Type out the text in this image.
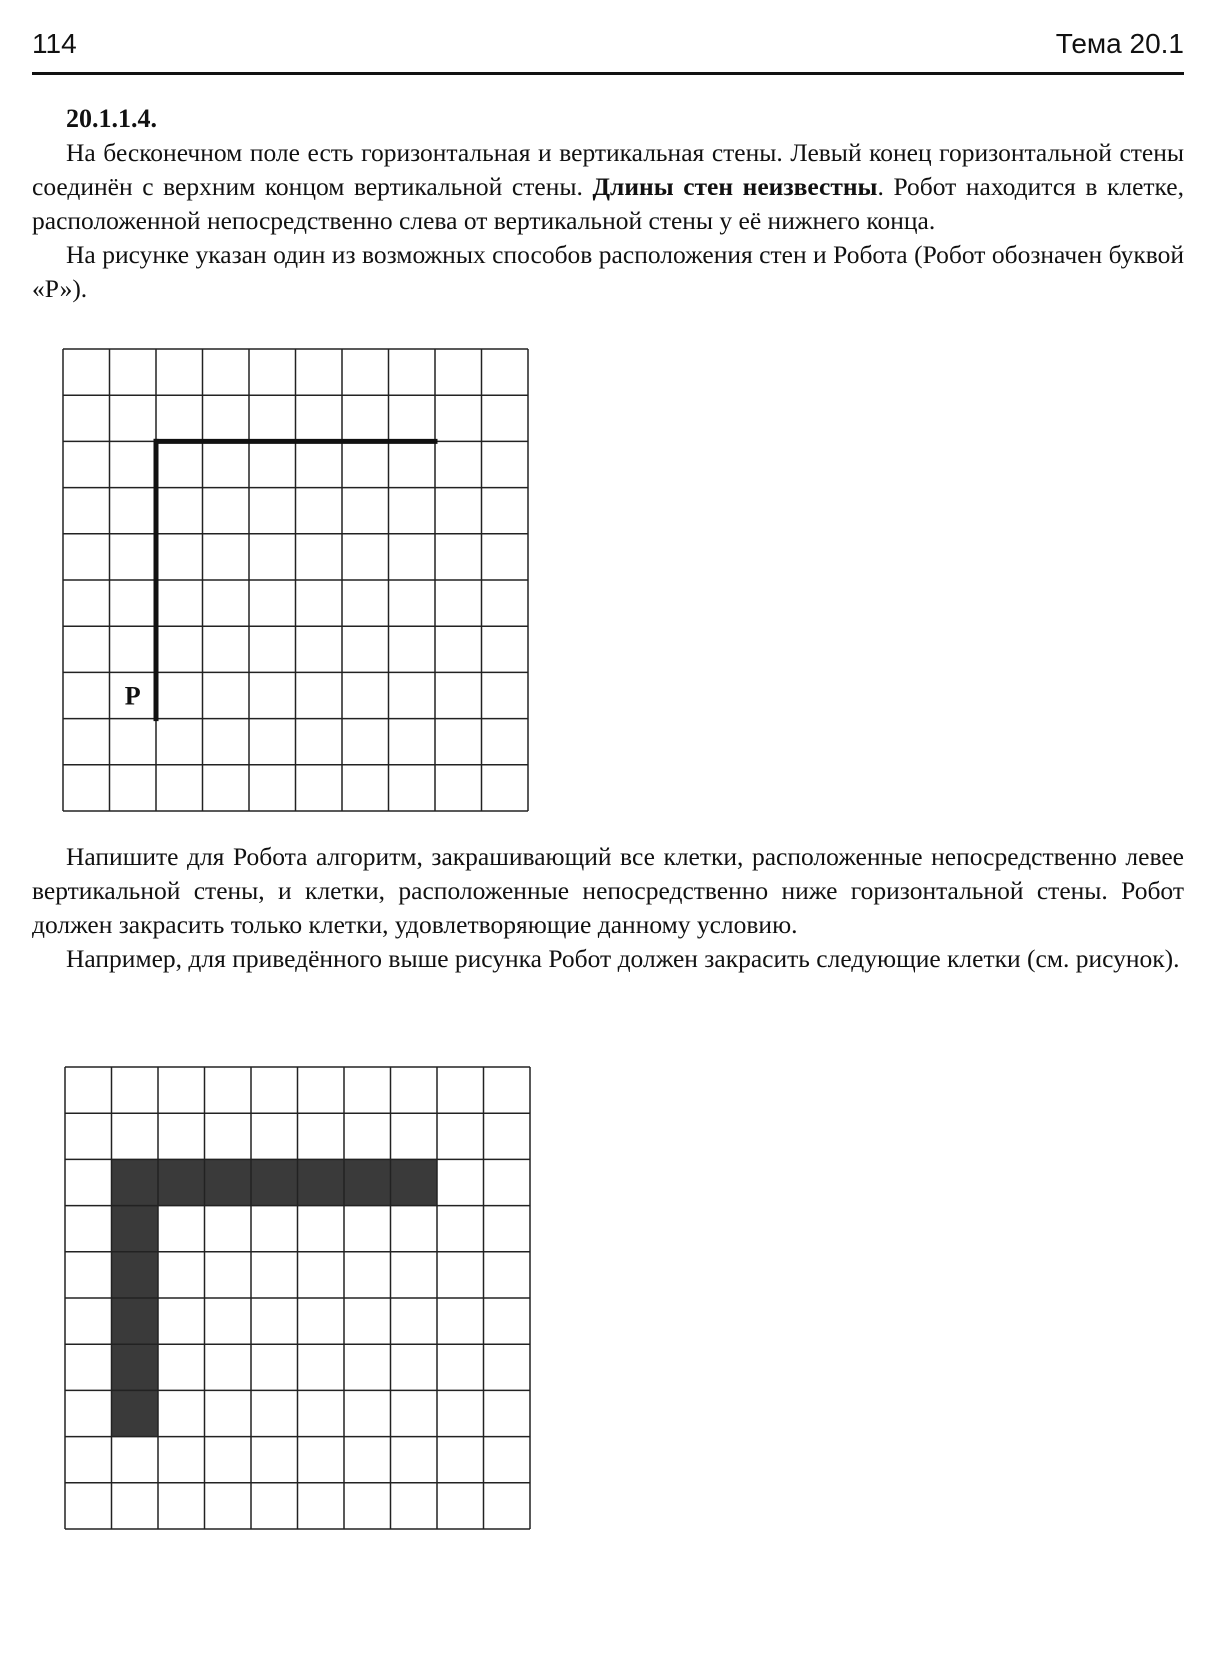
114	Тема 20.1
20.1.1.4.

На бесконечном поле есть горизонтальная и вертикальная стены. Левый конец горизонтальной стены соединён с верхним концом вертикальной стены. Длины стен неизвестны. Робот находится в клетке, расположенной непосредственно слева от вертикальной стены у её нижнего конца.

На рисунке указан один из возможных способов расположения стен и Робота (Робот обозначен буквой «Р»).

Р

Напишите для Робота алгоритм, закрашивающий все клетки, расположенные непосредственно левее вертикальной стены, и клетки, расположенные непосредственно ниже горизонтальной стены. Робот должен закрасить только клетки, удовлетворяющие данному условию.

Например, для приведённого выше рисунка Робот должен закрасить следующие клетки (см. рисунок).
